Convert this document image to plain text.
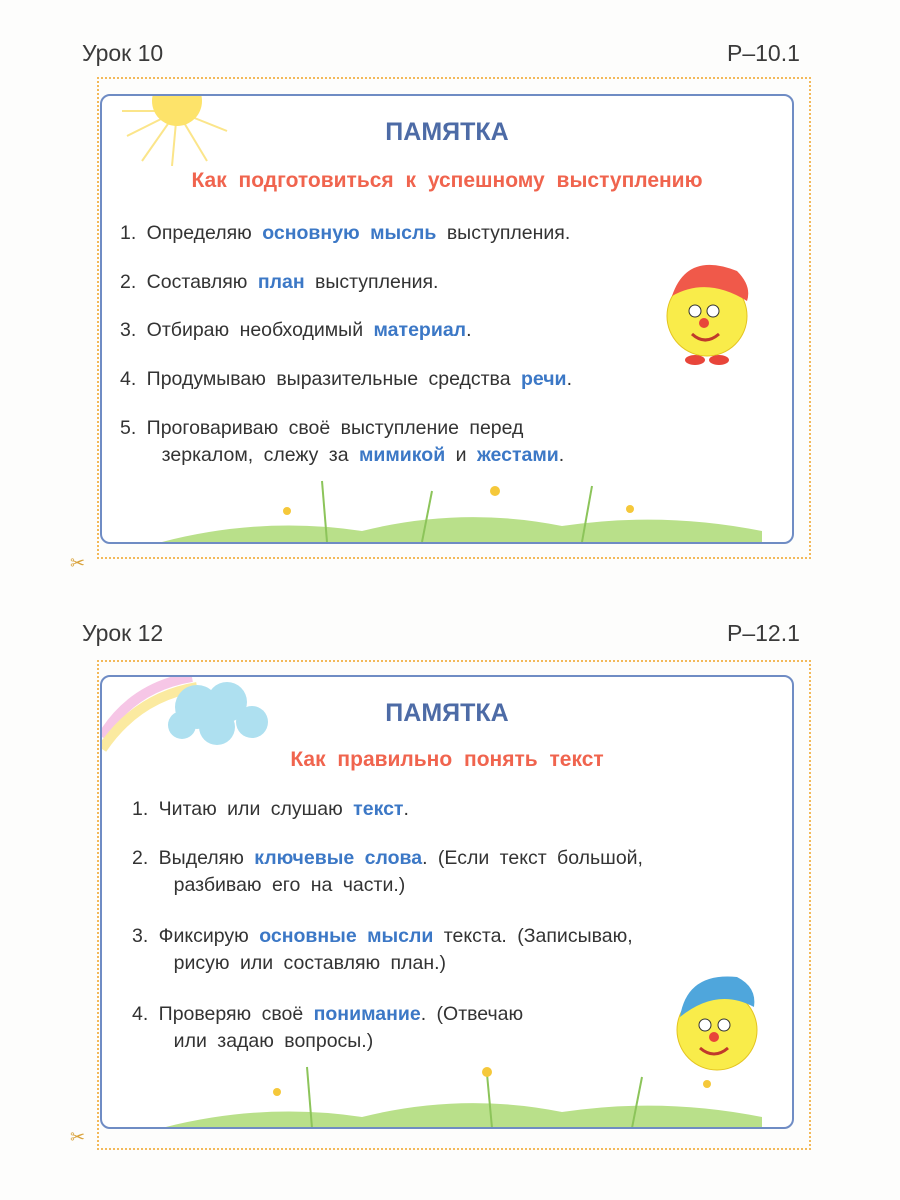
Урок 10	Р–10.1
✂
ПАМЯТКА
Как подготовиться к успешному выступлению
1. Определяю основную мысль выступления.
2. Составляю план выступления.
3. Отбираю необходимый материал.
4. Продумываю выразительные средства речи.
5. Проговариваю своё выступление перед
зеркалом, слежу за мимикой и жестами.
Урок 12	Р–12.1
✂
ПАМЯТКА
Как правильно понять текст
1. Читаю или слушаю текст.
2. Выделяю ключевые слова. (Если текст большой,
разбиваю его на части.)
3. Фиксирую основные мысли текста. (Записываю,
рисую или составляю план.)
4. Проверяю своё понимание. (Отвечаю
или задаю вопросы.)
